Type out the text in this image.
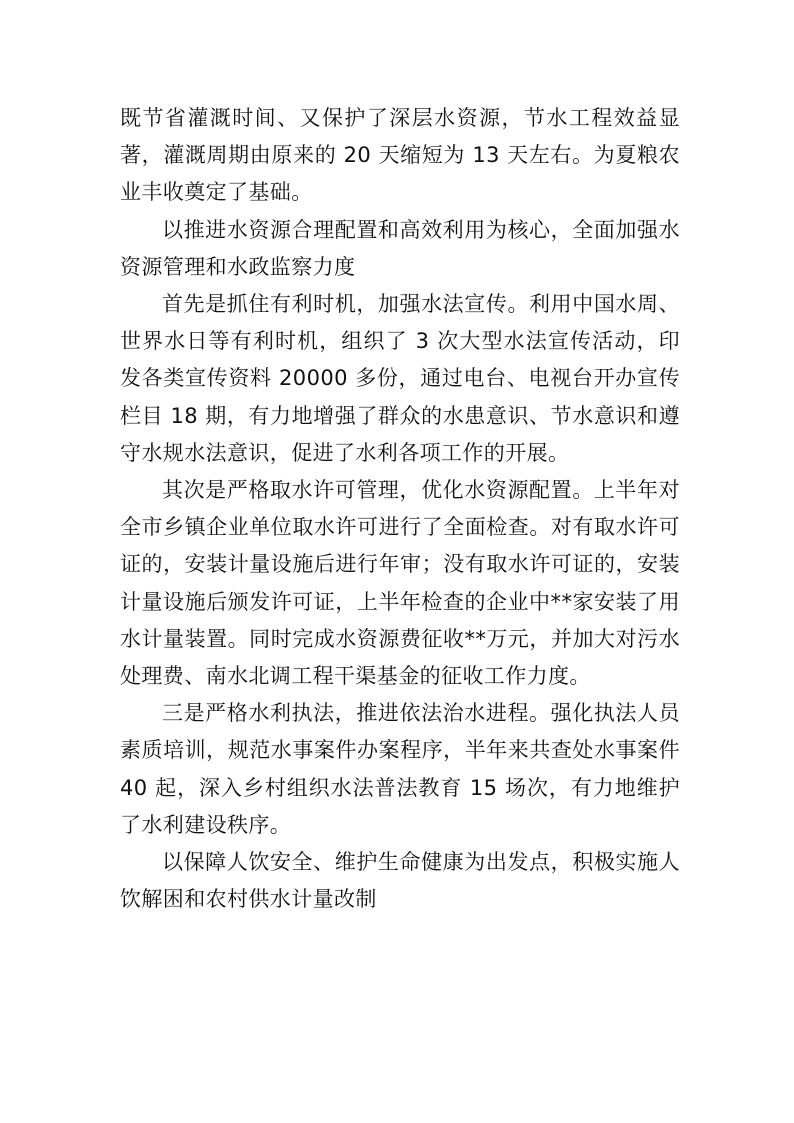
既节省灌溉时间、又保护了深层水资源，节水工程效益显著，灌溉周期由原来的 20 天缩短为 13 天左右。为夏粮农业丰收奠定了基础。

以推进水资源合理配置和高效利用为核心，全面加强水资源管理和水政监察力度

首先是抓住有利时机，加强水法宣传。利用中国水周、世界水日等有利时机，组织了 3 次大型水法宣传活动，印发各类宣传资料 20000 多份，通过电台、电视台开办宣传栏目 18 期，有力地增强了群众的水患意识、节水意识和遵守水规水法意识，促进了水利各项工作的开展。

其次是严格取水许可管理，优化水资源配置。上半年对全市乡镇企业单位取水许可进行了全面检查。对有取水许可证的，安装计量设施后进行年审；没有取水许可证的，安装计量设施后颁发许可证，上半年检查的企业中**家安装了用水计量装置。同时完成水资源费征收**万元，并加大对污水处理费、南水北调工程干渠基金的征收工作力度。

三是严格水利执法，推进依法治水进程。强化执法人员素质培训，规范水事案件办案程序，半年来共查处水事案件 40 起，深入乡村组织水法普法教育 15 场次，有力地维护了水利建设秩序。

以保障人饮安全、维护生命健康为出发点，积极实施人饮解困和农村供水计量改制
